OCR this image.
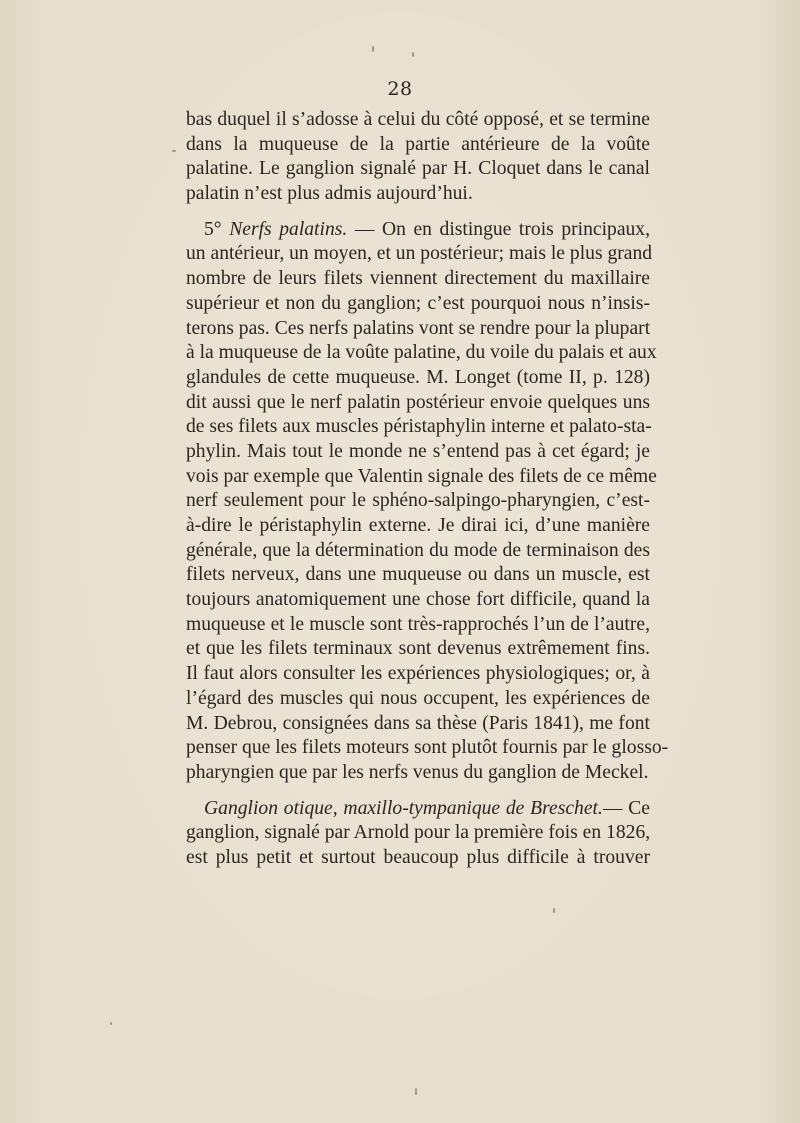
28
bas duquel il s’adosse à celui du côté opposé, et se termine
dans la muqueuse de la partie antérieure de la voûte
palatine. Le ganglion signalé par H. Cloquet dans le canal
palatin n’est plus admis aujourd’hui.
5° Nerfs palatins. — On en distingue trois principaux,
un antérieur, un moyen, et un postérieur; mais le plus grand
nombre de leurs filets viennent directement du maxillaire
supérieur et non du ganglion; c’est pourquoi nous n’insis-
terons pas. Ces nerfs palatins vont se rendre pour la plupart
à la muqueuse de la voûte palatine, du voile du palais et aux
glandules de cette muqueuse. M. Longet (tome II, p. 128)
dit aussi que le nerf palatin postérieur envoie quelques uns
de ses filets aux muscles péristaphylin interne et palato-sta-
phylin. Mais tout le monde ne s’entend pas à cet égard; je
vois par exemple que Valentin signale des filets de ce même
nerf seulement pour le sphéno-salpingo-pharyngien, c’est-
à-dire le péristaphylin externe. Je dirai ici, d’une manière
générale, que la détermination du mode de terminaison des
filets nerveux, dans une muqueuse ou dans un muscle, est
toujours anatomiquement une chose fort difficile, quand la
muqueuse et le muscle sont très-rapprochés l’un de l’autre,
et que les filets terminaux sont devenus extrêmement fins.
Il faut alors consulter les expériences physiologiques; or, à
l’égard des muscles qui nous occupent, les expériences de
M. Debrou, consignées dans sa thèse (Paris 1841), me font
penser que les filets moteurs sont plutôt fournis par le glosso-
pharyngien que par les nerfs venus du ganglion de Meckel.
Ganglion otique, maxillo-tympanique de Breschet.— Ce
ganglion, signalé par Arnold pour la première fois en 1826,
est plus petit et surtout beaucoup plus difficile à trouver
